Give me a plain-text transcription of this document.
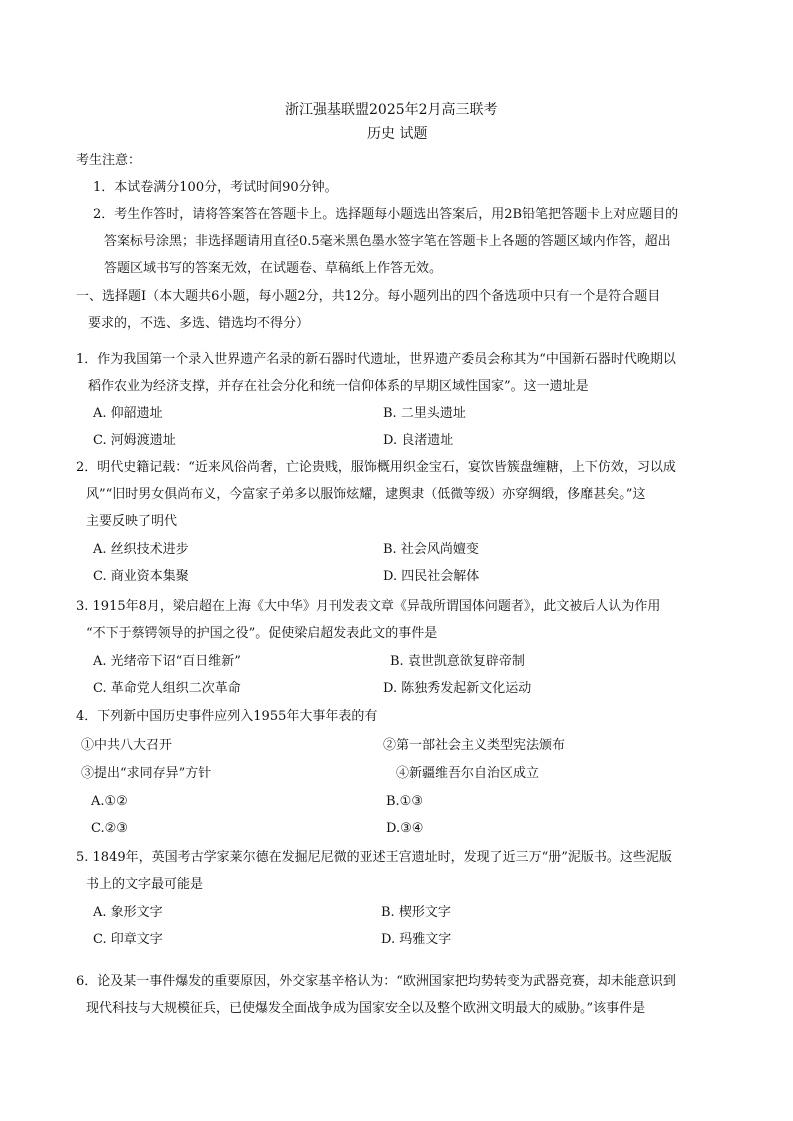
浙江强基联盟2025年2月高三联考
历史 试题
考生注意：
1．本试卷满分100分，考试时间90分钟。
2．考生作答时，请将答案答在答题卡上。选择题每小题选出答案后，用2B铅笔把答题卡上对应题目的
答案标号涂黑；非选择题请用直径0.5毫米黑色墨水签字笔在答题卡上各题的答题区域内作答，超出
答题区域书写的答案无效，在试题卷、草稿纸上作答无效。
一、选择题Ⅰ（本大题共6小题，每小题2分，共12分。每小题列出的四个备选项中只有一个是符合题目
要求的，不选、多选、错选均不得分）
1．作为我国第一个录入世界遗产名录的新石器时代遗址，世界遗产委员会称其为“中国新石器时代晚期以
稻作农业为经济支撑，并存在社会分化和统一信仰体系的早期区域性国家”。这一遗址是
A. 仰韶遗址	B. 二里头遗址
C. 河姆渡遗址	D. 良渚遗址
2．明代史籍记载：“近来风俗尚奢，亡论贵贱，服饰概用织金宝石，宴饮皆簇盘缠糖，上下仿效，习以成
风”“旧时男女俱尚布义，今富家子弟多以服饰炫耀，逮舆隶（低微等级）亦穿绸缎，侈靡甚矣。”这
主要反映了明代
A. 丝织技术进步	B. 社会风尚嬗变
C. 商业资本集聚	D. 四民社会解体
3. 1915年8月，梁启超在上海《大中华》月刊发表文章《异哉所谓国体问题者》，此文被后人认为作用
“不下于蔡锷领导的护国之役”。促使梁启超发表此文的事件是
A. 光绪帝下诏“百日维新”	B. 袁世凯意欲复辟帝制
C. 革命党人组织二次革命	D. 陈独秀发起新文化运动
4．下列新中国历史事件应列入1955年大事年表的有
①中共八大召开	②第一部社会主义类型宪法颁布
③提出“求同存异”方针	④新疆维吾尔自治区成立
A.①②	B.①③
C.②③	D.③④
5. 1849年，英国考古学家莱尔德在发掘尼尼微的亚述王宫遗址时，发现了近三万“册”泥版书。这些泥版
书上的文字最可能是
A. 象形文字	B. 楔形文字
C. 印章文字	D. 玛雅文字
6．论及某一事件爆发的重要原因，外交家基辛格认为：“欧洲国家把均势转变为武器竞赛，却未能意识到
现代科技与大规模征兵，已使爆发全面战争成为国家安全以及整个欧洲文明最大的威胁。”该事件是
